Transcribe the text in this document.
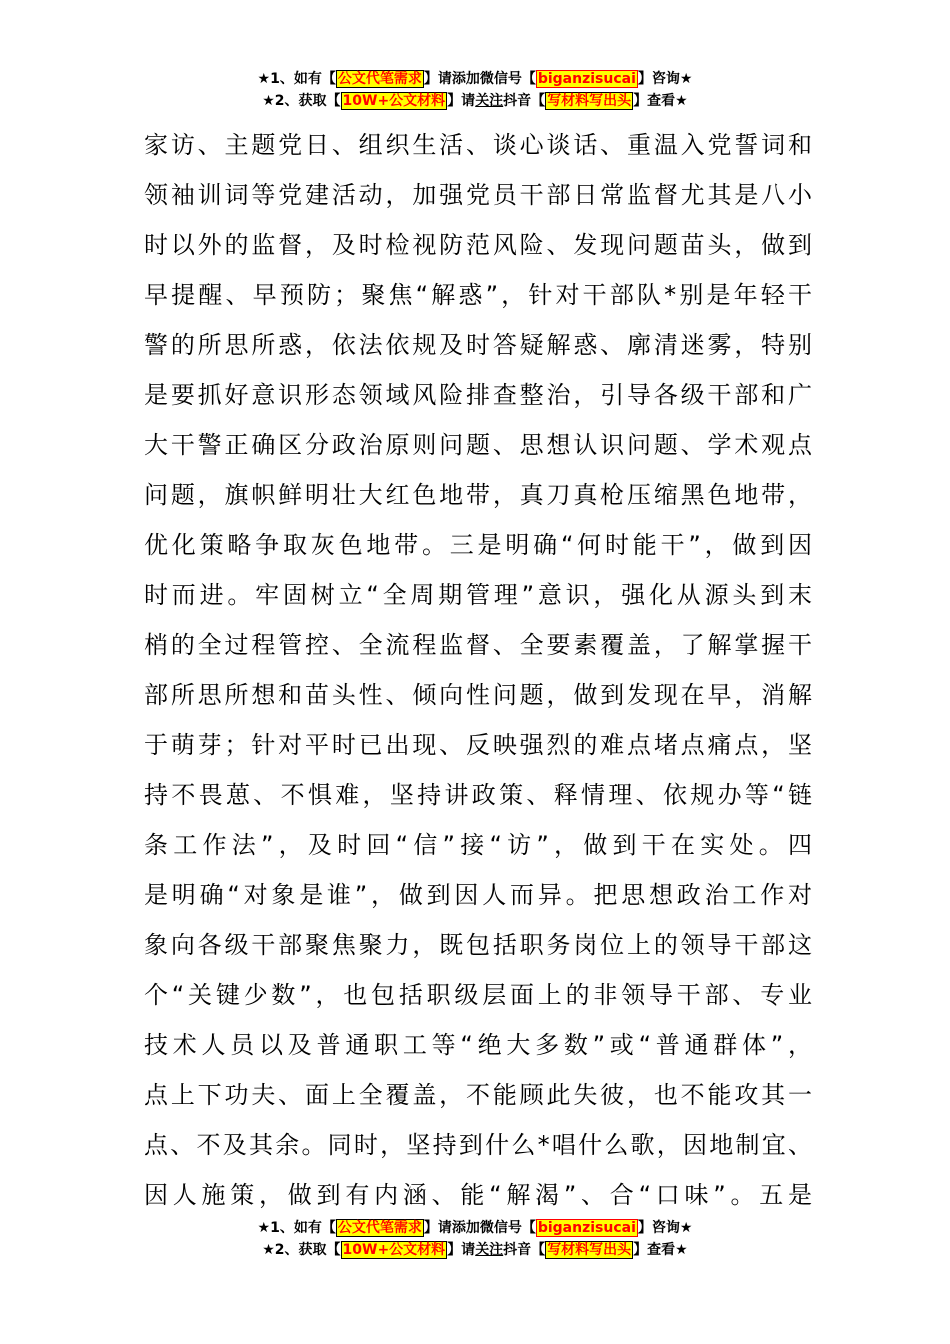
★1、如有【 公文代笔需求 】请添加微信号【 biganzisucai 】咨询★
★2、获取【 10W+公文材料 】请关注抖音【 写材料写出头 】查看★
家访、主题党日、组织生活、谈心谈话、重温入党誓词和
领袖训词等党建活动，加强党员干部日常监督尤其是八小
时以外的监督，及时检视防范风险、发现问题苗头，做到
早提醒、早预防；聚焦“解惑”，针对干部队*别是年轻干
警的所思所惑，依法依规及时答疑解惑、廓清迷雾，特别
是要抓好意识形态领域风险排查整治，引导各级干部和广
大干警正确区分政治原则问题、思想认识问题、学术观点
问题，旗帜鲜明壮大红色地带，真刀真枪压缩黑色地带，
优化策略争取灰色地带。三是明确“何时能干”，做到因
时而进。牢固树立“全周期管理”意识，强化从源头到末
梢的全过程管控、全流程监督、全要素覆盖，了解掌握干
部所思所想和苗头性、倾向性问题，做到发现在早，消解
于萌芽；针对平时已出现、反映强烈的难点堵点痛点，坚
持不畏葸、不惧难，坚持讲政策、释情理、依规办等“链
条工作法”，及时回“信”接“访”，做到干在实处。四
是明确“对象是谁”，做到因人而异。把思想政治工作对
象向各级干部聚焦聚力，既包括职务岗位上的领导干部这
个“关键少数”，也包括职级层面上的非领导干部、专业
技术人员以及普通职工等“绝大多数”或“普通群体”，
点上下功夫、面上全覆盖，不能顾此失彼，也不能攻其一
点、不及其余。同时，坚持到什么*唱什么歌，因地制宜、
因人施策，做到有内涵、能“解渴”、合“口味”。五是
★1、如有【 公文代笔需求 】请添加微信号【 biganzisucai 】咨询★
★2、获取【 10W+公文材料 】请关注抖音【 写材料写出头 】查看★
